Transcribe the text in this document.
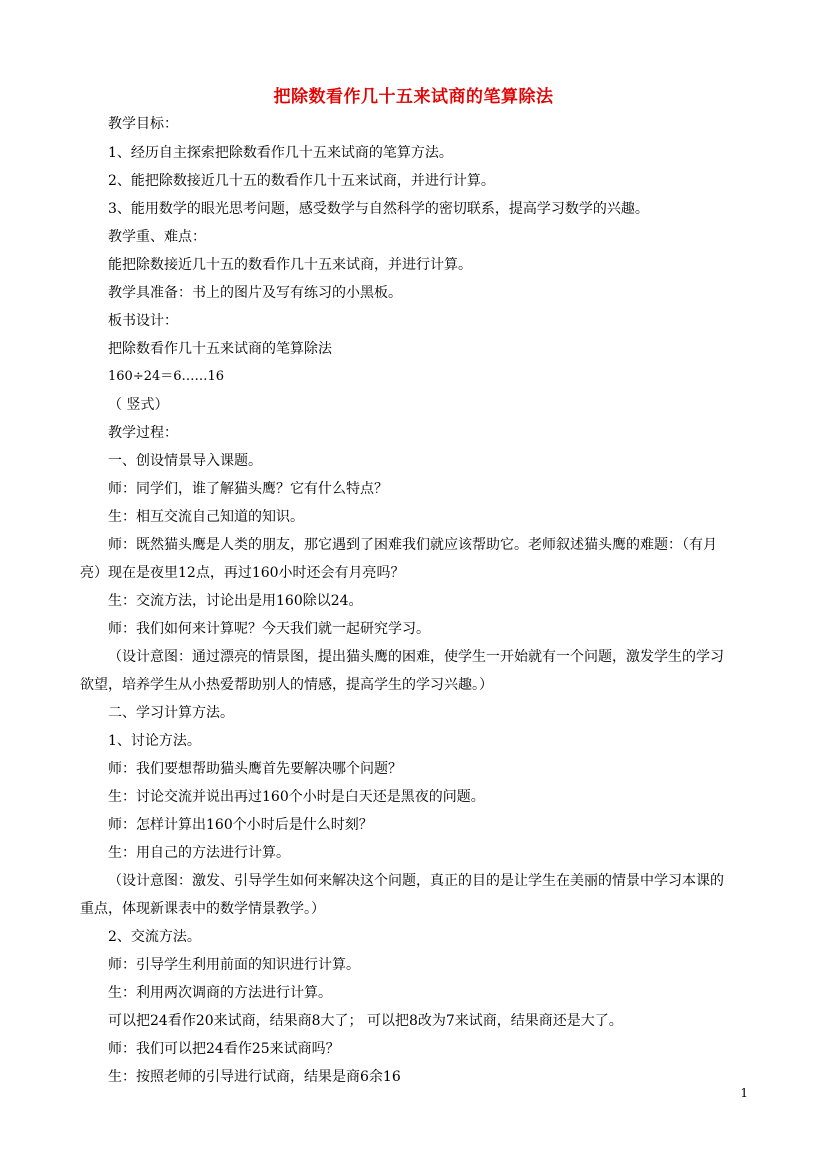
把除数看作几十五来试商的笔算除法
教学目标：
1、经历自主探索把除数看作几十五来试商的笔算方法。
2、能把除数接近几十五的数看作几十五来试商，并进行计算。
3、能用数学的眼光思考问题，感受数学与自然科学的密切联系，提高学习数学的兴趣。
教学重、难点：
能把除数接近几十五的数看作几十五来试商，并进行计算。
教学具准备：书上的图片及写有练习的小黑板。
板书设计：
把除数看作几十五来试商的笔算除法
160÷24＝6……16
（ 竖式）
教学过程：
一、创设情景导入课题。
师：同学们，谁了解猫头鹰？它有什么特点？
生：相互交流自己知道的知识。
师：既然猫头鹰是人类的朋友，那它遇到了困难我们就应该帮助它。老师叙述猫头鹰的难题：（有月
亮）现在是夜里12点，再过160小时还会有月亮吗？
生：交流方法，讨论出是用160除以24。
师：我们如何来计算呢？今天我们就一起研究学习。
（设计意图：通过漂亮的情景图，提出猫头鹰的困难，使学生一开始就有一个问题，激发学生的学习
欲望，培养学生从小热爱帮助别人的情感，提高学生的学习兴趣。）
二、学习计算方法。
1、讨论方法。
师：我们要想帮助猫头鹰首先要解决哪个问题？
生：讨论交流并说出再过160个小时是白天还是黑夜的问题。
师：怎样计算出160个小时后是什么时刻？
生：用自己的方法进行计算。
（设计意图：激发、引导学生如何来解决这个问题，真正的目的是让学生在美丽的情景中学习本课的
重点，体现新课表中的数学情景教学。）
2、交流方法。
师：引导学生利用前面的知识进行计算。
生：利用两次调商的方法进行计算。
可以把24看作20来试商，结果商8大了； 可以把8改为7来试商，结果商还是大了。
师：我们可以把24看作25来试商吗？
生：按照老师的引导进行试商，结果是商6余16
1
